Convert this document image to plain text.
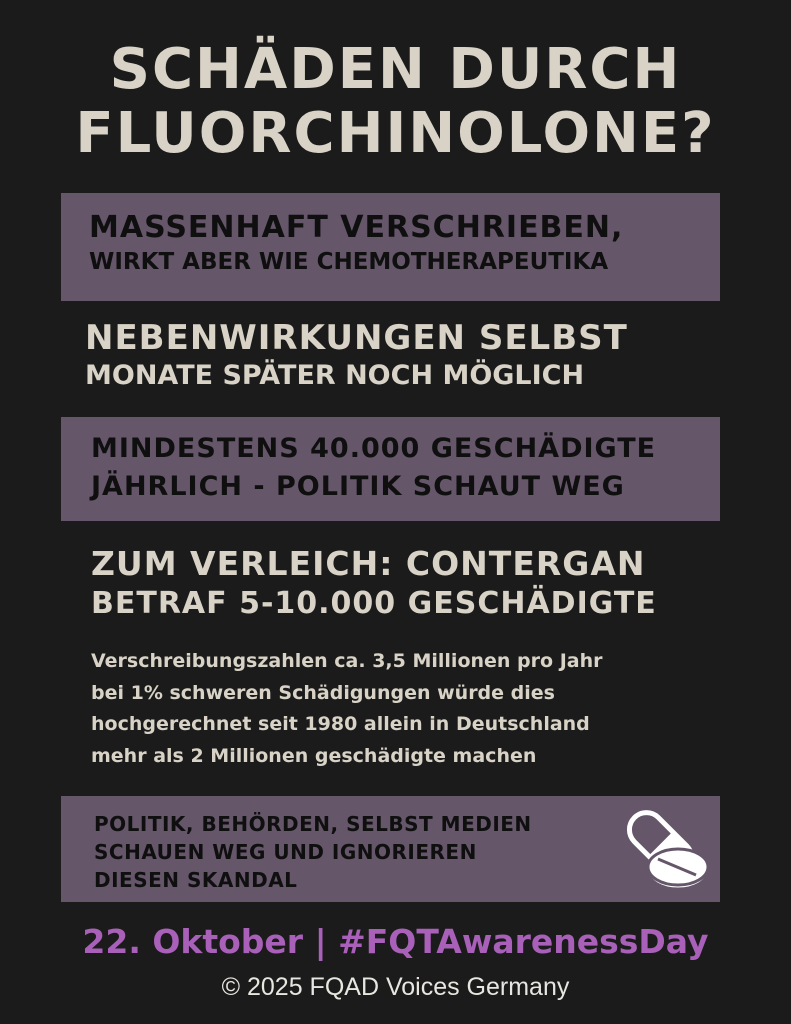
SCHÄDEN DURCH
FLUORCHINOLONE?
MASSENHAFT VERSCHRIEBEN,
WIRKT ABER WIE CHEMOTHERAPEUTIKA
NEBENWIRKUNGEN SELBST
MONATE SPÄTER NOCH MÖGLICH
MINDESTENS 40.000 GESCHÄDIGTE
JÄHRLICH - POLITIK SCHAUT WEG
ZUM VERLEICH: CONTERGAN
BETRAF 5-10.000 GESCHÄDIGTE
Verschreibungszahlen ca. 3,5 Millionen pro Jahr
bei 1% schweren Schädigungen würde dies
hochgerechnet seit 1980 allein in Deutschland
mehr als 2 Millionen geschädigte machen
POLITIK, BEHÖRDEN, SELBST MEDIEN
SCHAUEN WEG UND IGNORIEREN
DIESEN SKANDAL
22. Oktober | #FQTAwarenessDay
© 2025 FQAD Voices Germany
